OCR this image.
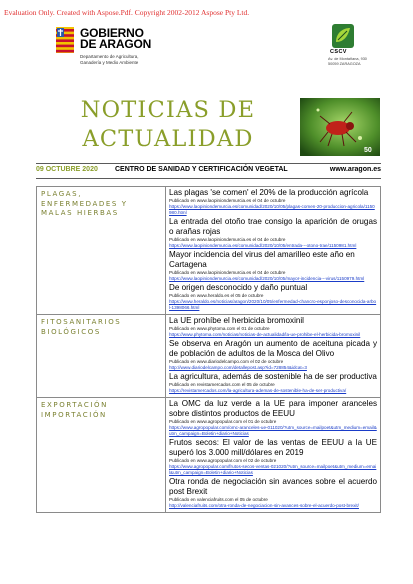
Evaluation Only. Created with Aspose.Pdf. Copyright 2002-2012 Aspose Pty Ltd.
GOBIERNO
DE ARAGON
Departamento de Agricultura,
Ganadería y Medio Ambiente
CSCV
Av. de Montañana, 930
50059 ZARAGOZA
NOTICIAS DE
ACTUALIDAD	50
09 OCTUBRE 2020 CENTRO DE SANIDAD Y CERTIFICACIÓN VEGETAL	www.aragon.es
PLAGAS, ENFERMEDADES Y MALAS HIERBAS
Las plagas 'se comen' el 20% de la producción agrícola
Publicado en www.laopiniondemurcia.es el 04 de octubre
https://www.laopiniondemurcia.es/comunidad/2020/10/05/plagas-comen-20-produccion-agricola/1150980.html
La entrada del otoño trae consigo la aparición de orugas o arañas rojas
Publicado en www.laopiniondemurcia.es el 04 de octubre
https://www.laopiniondemurcia.es/comunidad/2020/10/05/entrada---otono-trae/1150981.html
Mayor incidencia del virus del amarilleo este año en Cartagena
Publicado en www.laopiniondemurcia.es el 04 de octubre
https://www.laopiniondemurcia.es/comunidad/2020/10/05/mayor-incidencia---virus/1150979.html
De origen desconocido y daño puntual
Publicado en www.heraldo.es el 05 de octubre
https://www.heraldo.es/noticias/aragon/2020/10/05/enfermedad-chancro-esponjoso-desconocida-arbol-1398066.html
FITOSANITARIOS BIOLÓGICOS
La UE prohíbe el herbicida bromoxinil
Publicado en www.phytoma.com el 01 de octubre
https://www.phytoma.com/noticias/noticias-de-actualidad/la-ue-prohibe-el-herbicida-bromoxinil
Se observa en Aragón un aumento de aceituna picada y de población de adultos de la Mosca del Olivo
Publicado en www.diariodelcampo.com el 02 de octubre
http://www.diariodelcampo.com/detallepost.asp?id=728854&idcat=3
La agricultura, además de sostenible ha de ser productiva
Publicado en revistamercados.com el 05 de octubre
https://revistamercados.com/la-agricultura-ademas-de-sostenible-ha-de-ser-productiva/
EXPORTACIÓN IMPORTACIÓN
La OMC da luz verde a la UE para imponer aranceles sobre distintos productos de EEUU
Publicado en www.agropopular.com el 01 de octubre
https://www.agropopular.com/omc-aranceles-ue-011020/?utm_source=mailpoet&utm_medium=email&utm_campaign=Boletin+diario+Noticias
Frutos secos: El valor de las ventas de EEUU a la UE superó los 3.000 mill/dólares en 2019
Publicado en www.agropopular.com el 02 de octubre
https://www.agropopular.com/frutos-secos-ventas-021020/?utm_source=mailpoet&utm_medium=email&utm_campaign=Boletin+diario+Noticias
Otra ronda de negociación sin avances sobre el acuerdo post Brexit
Publicado en valenciafruits.com el 05 de octubre
http://valenciafruits.com/otra-ronda-de-negociacion-sin-avances-sobre-el-acuerdo-post-brexit/
